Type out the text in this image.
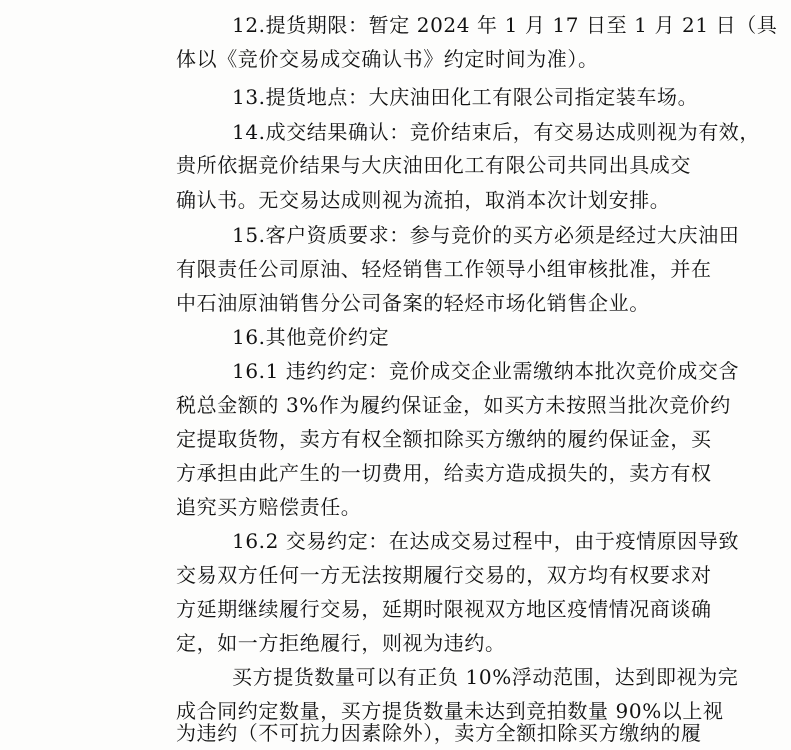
12.提货期限：暂定 2024 年 1 月 17 日至 1 月 21 日（具
体以《竞价交易成交确认书》约定时间为准）。
13.提货地点：大庆油田化工有限公司指定装车场。
14.成交结果确认：竞价结束后，有交易达成则视为有效，
贵所依据竞价结果与大庆油田化工有限公司共同出具成交
确认书。无交易达成则视为流拍，取消本次计划安排。
15.客户资质要求：参与竞价的买方必须是经过大庆油田
有限责任公司原油、轻烃销售工作领导小组审核批准，并在
中石油原油销售分公司备案的轻烃市场化销售企业。
16.其他竞价约定
16.1 违约约定：竞价成交企业需缴纳本批次竞价成交含
税总金额的 3%作为履约保证金，如买方未按照当批次竞价约
定提取货物，卖方有权全额扣除买方缴纳的履约保证金，买
方承担由此产生的一切费用，给卖方造成损失的，卖方有权
追究买方赔偿责任。
16.2 交易约定：在达成交易过程中，由于疫情原因导致
交易双方任何一方无法按期履行交易的，双方均有权要求对
方延期继续履行交易，延期时限视双方地区疫情情况商谈确
定，如一方拒绝履行，则视为违约。
买方提货数量可以有正负 10%浮动范围，达到即视为完
成合同约定数量，买方提货数量未达到竞拍数量 90%以上视
为违约（不可抗力因素除外），卖方全额扣除买方缴纳的履
